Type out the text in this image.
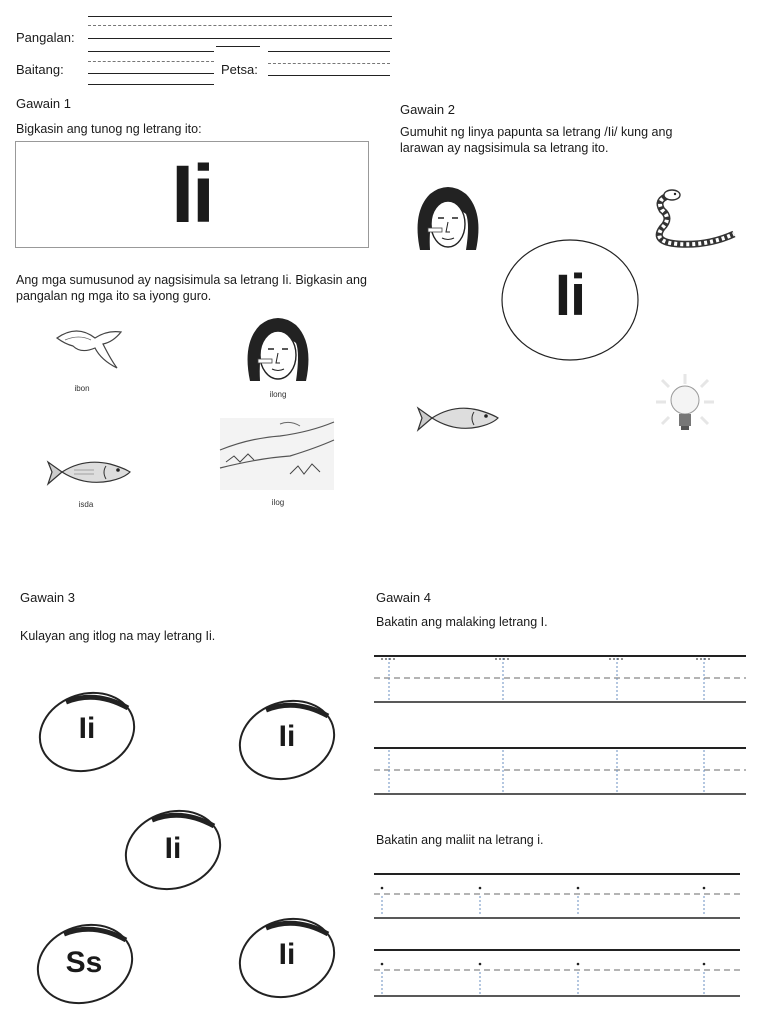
Pangalan:
Baitang:	Petsa:
Gawain 1
Bigkasin ang tunog ng letrang ito:
Ii
Ang mga sumusunod ay nagsisimula sa letrang Ii. Bigkasin ang pangalan ng mga ito sa iyong guro.
ibon
ilong
isda	ilog
Gawain 2
Gumuhit ng linya papunta sa letrang /Ii/ kung ang larawan ay nagsisimula sa letrang ito.
Ii
Gawain 3
Kulayan ang itlog na may letrang Ii.
Ii	Ii
Ii
Ss	Ii
Gawain 4
Bakatin ang malaking letrang I.
Bakatin ang maliit na letrang i.
